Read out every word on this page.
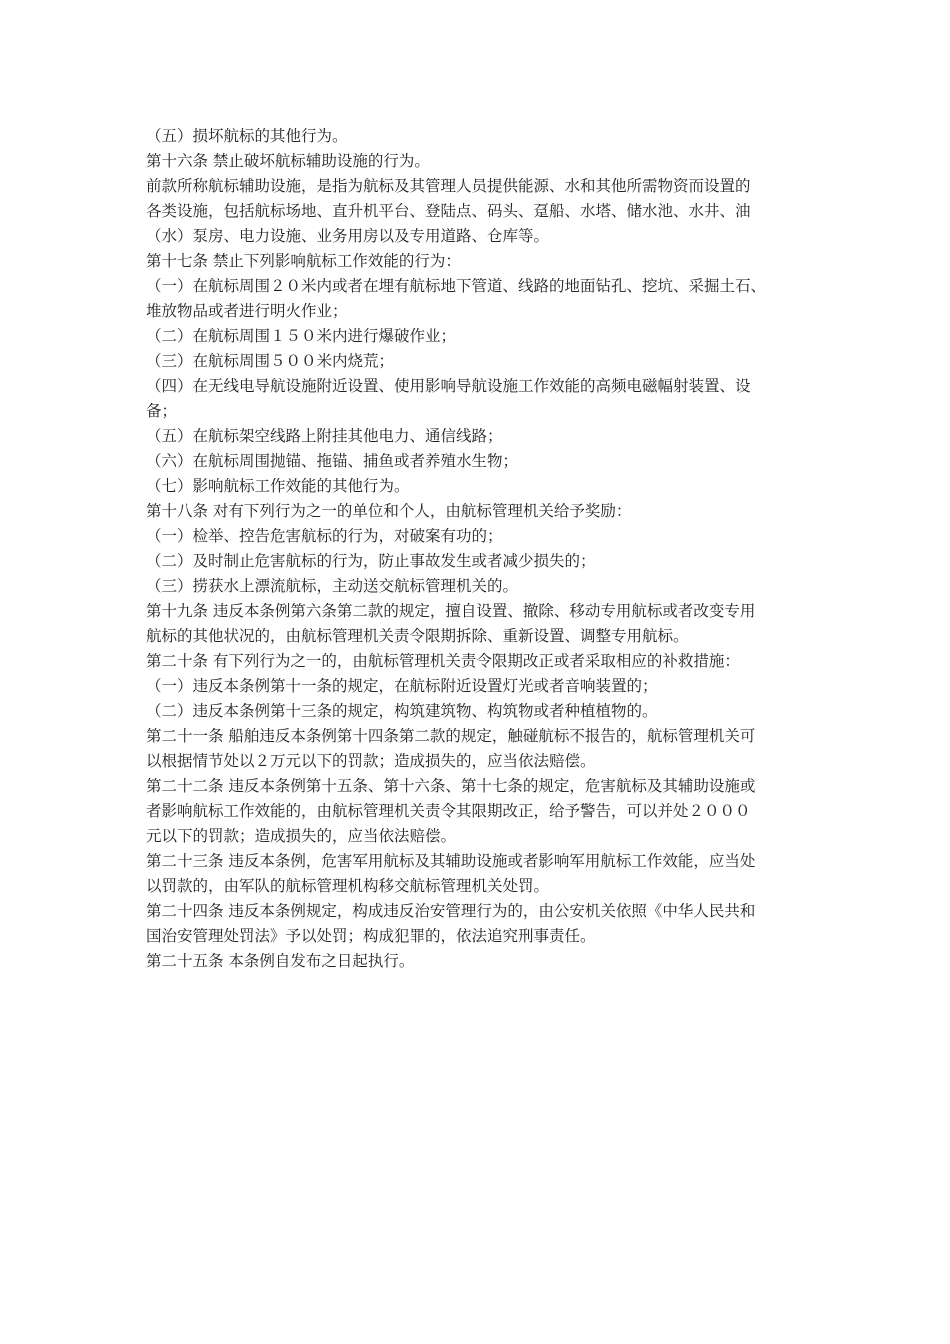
（五）损坏航标的其他行为。
第十六条 禁止破坏航标辅助设施的行为。
前款所称航标辅助设施，是指为航标及其管理人员提供能源、水和其他所需物资而设置的
各类设施，包括航标场地、直升机平台、登陆点、码头、趸船、水塔、储水池、水井、油
（水）泵房、电力设施、业务用房以及专用道路、仓库等。
第十七条 禁止下列影响航标工作效能的行为：
（一）在航标周围２０米内或者在埋有航标地下管道、线路的地面钻孔、挖坑、采掘土石、
堆放物品或者进行明火作业；
（二）在航标周围１５０米内进行爆破作业；
（三）在航标周围５００米内烧荒；
（四）在无线电导航设施附近设置、使用影响导航设施工作效能的高频电磁幅射装置、设
备；
（五）在航标架空线路上附挂其他电力、通信线路；
（六）在航标周围抛锚、拖锚、捕鱼或者养殖水生物；
（七）影响航标工作效能的其他行为。
第十八条 对有下列行为之一的单位和个人，由航标管理机关给予奖励：
（一）检举、控告危害航标的行为，对破案有功的；
（二）及时制止危害航标的行为，防止事故发生或者减少损失的；
（三）捞获水上漂流航标，主动送交航标管理机关的。
第十九条 违反本条例第六条第二款的规定，擅自设置、撤除、移动专用航标或者改变专用
航标的其他状况的，由航标管理机关责令限期拆除、重新设置、调整专用航标。
第二十条 有下列行为之一的，由航标管理机关责令限期改正或者采取相应的补救措施：
（一）违反本条例第十一条的规定，在航标附近设置灯光或者音响装置的；
（二）违反本条例第十三条的规定，构筑建筑物、构筑物或者种植植物的。
第二十一条 船舶违反本条例第十四条第二款的规定，触碰航标不报告的，航标管理机关可
以根据情节处以２万元以下的罚款；造成损失的，应当依法赔偿。
第二十二条 违反本条例第十五条、第十六条、第十七条的规定，危害航标及其辅助设施或
者影响航标工作效能的，由航标管理机关责令其限期改正，给予警告，可以并处２０００
元以下的罚款；造成损失的，应当依法赔偿。
第二十三条 违反本条例，危害军用航标及其辅助设施或者影响军用航标工作效能，应当处
以罚款的，由军队的航标管理机构移交航标管理机关处罚。
第二十四条 违反本条例规定，构成违反治安管理行为的，由公安机关依照《中华人民共和
国治安管理处罚法》予以处罚；构成犯罪的，依法追究刑事责任。
第二十五条 本条例自发布之日起执行。
